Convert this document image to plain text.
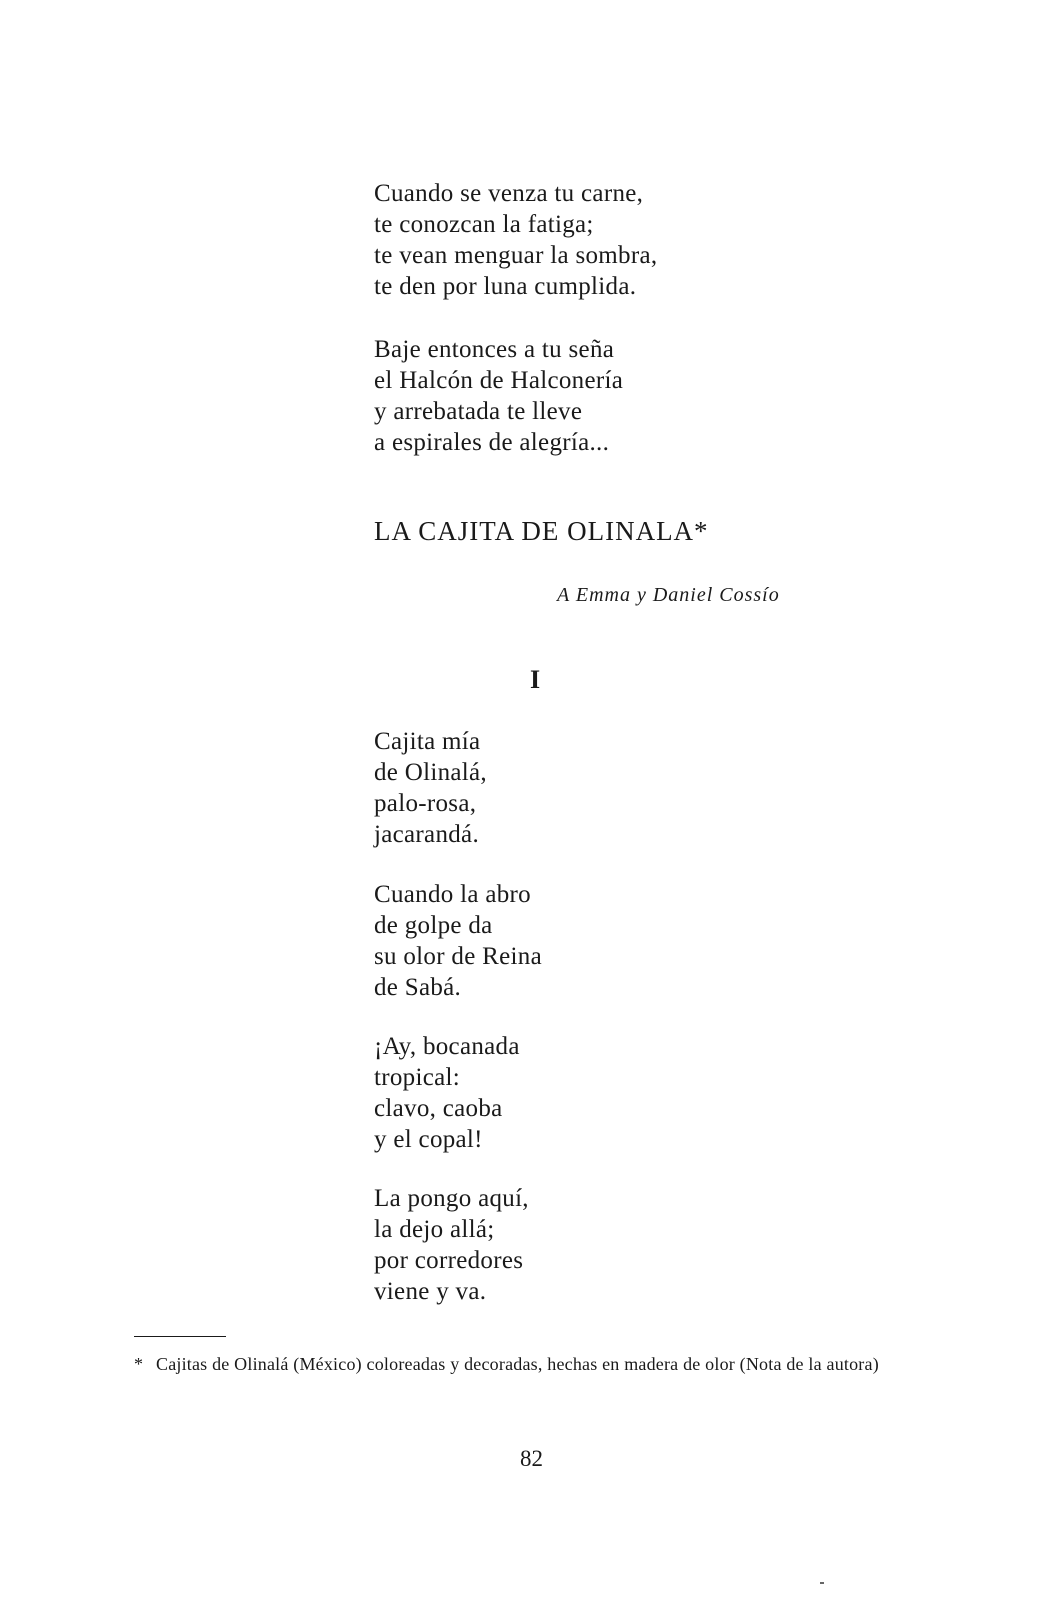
Cuando se venza tu carne,
te conozcan la fatiga;
te vean menguar la sombra,
te den por luna cumplida.
Baje entonces a tu seña
el Halcón de Halconería
y arrebatada te lleve
a espirales de alegría...
LA CAJITA DE OLINALA*
A Emma y Daniel Cossío
I
Cajita mía
de Olinalá,
palo-rosa,
jacarandá.
Cuando la abro
de golpe da
su olor de Reina
de Sabá.
¡Ay, bocanada
tropical:
clavo, caoba
y el copal!
La pongo aquí,
la dejo allá;
por corredores
viene y va.
* Cajitas de Olinalá (México) coloreadas y decoradas, hechas en madera de olor (Nota de la autora)
82
